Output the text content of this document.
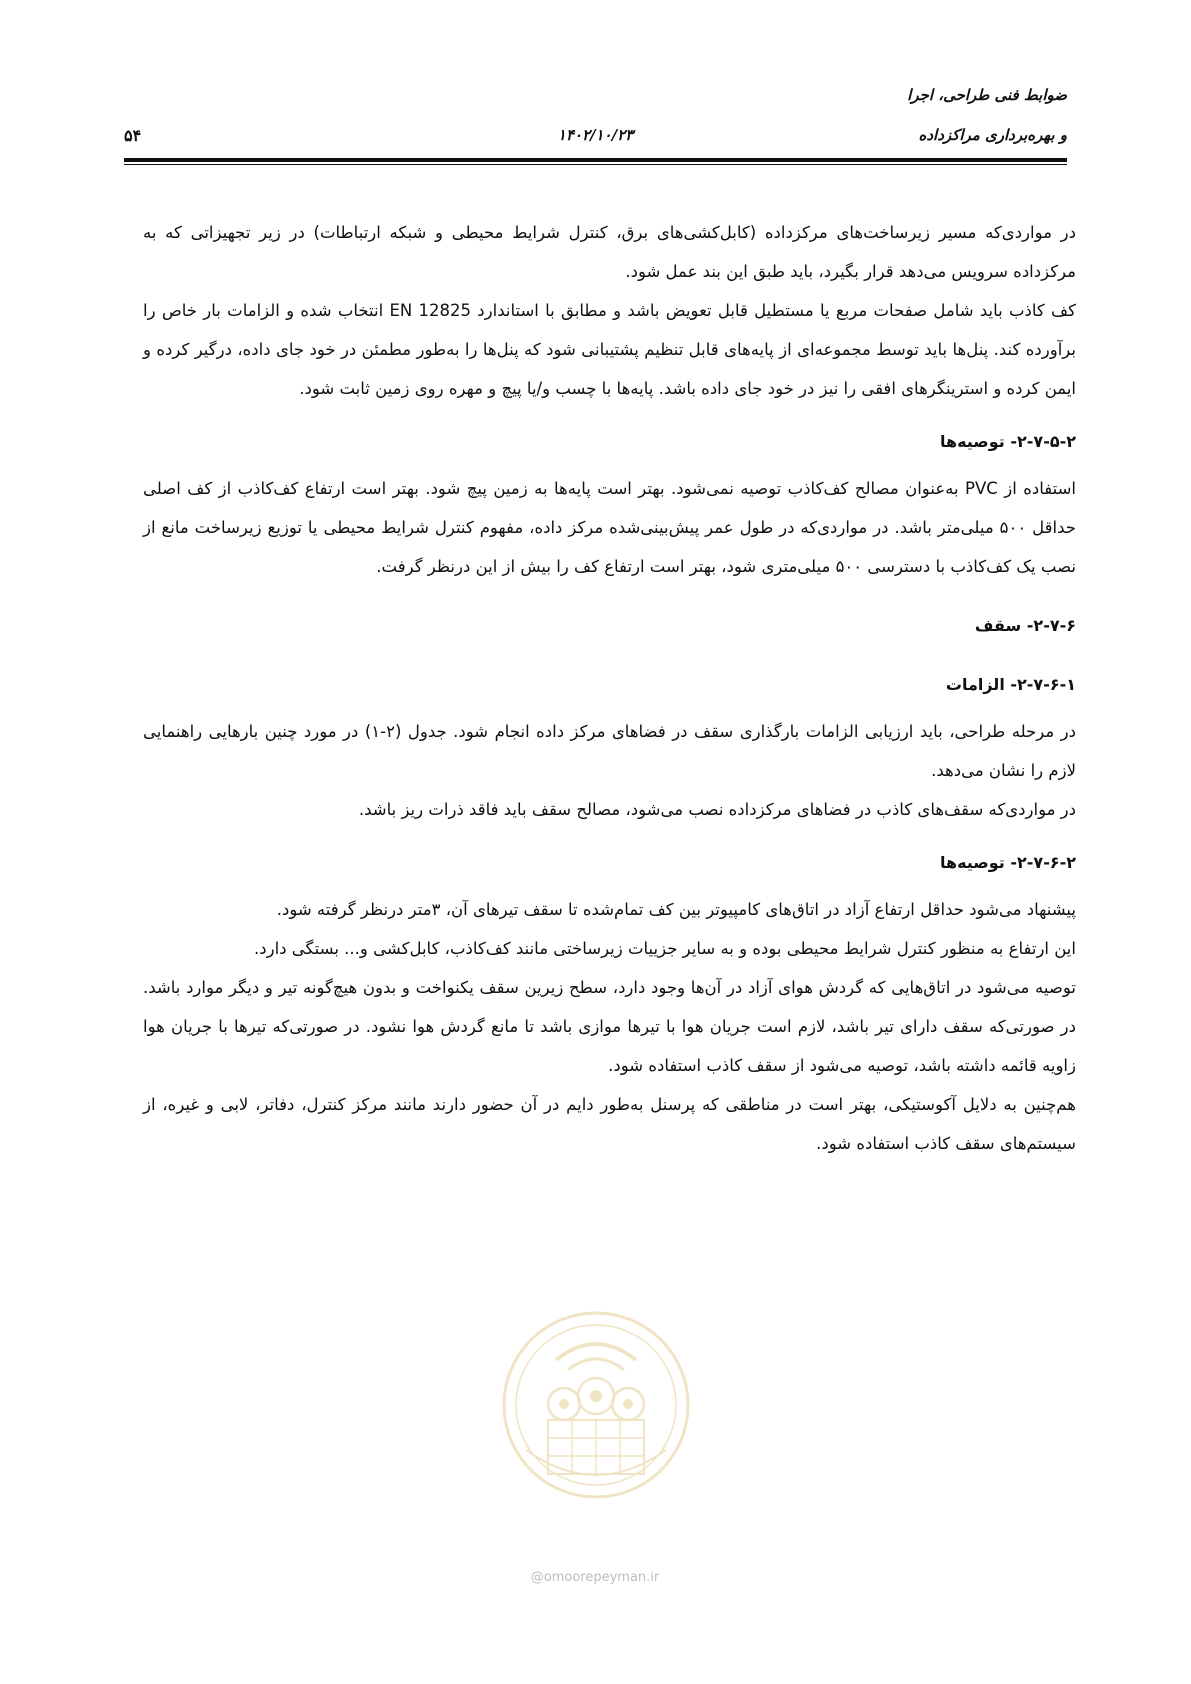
ضوابط فنی طراحی، اجرا
و بهره‌برداری مراکزداده
۱۴۰۲/۱۰/۲۳
۵۴

در مواردی‌که مسیر زیرساخت‌های مرکزداده (کابل‌کشی‌های برق، کنترل شرایط محیطی و شبکه ارتباطات) در زیر تجهیزاتی که به مرکزداده سرویس می‌دهد قرار بگیرد، باید طبق این بند عمل شود.

کف کاذب باید شامل صفحات مربع یا مستطیل قابل تعویض باشد و مطابق با استاندارد EN 12825 انتخاب شده و الزامات بار خاص را برآورده کند. پنل‌ها باید توسط مجموعه‌ای از پایه‌های قابل تنظیم پشتیبانی شود که پنل‌ها را به‌طور مطمئن در خود جای داده، درگیر کرده و ایمن کرده و استرینگرهای افقی را نیز در خود جای داده باشد. پایه‌ها با چسب و/یا پیچ و مهره روی زمین ثابت شود.

۲-۷-۵-۲- توصیه‌ها

استفاده از PVC به‌عنوان مصالح کف‌کاذب توصیه نمی‌شود. بهتر است پایه‌ها به زمین پیچ شود. بهتر است ارتفاع کف‌کاذب از کف اصلی حداقل ۵۰۰ میلی‌متر باشد. در مواردی‌که در طول عمر پیش‌بینی‌شده مرکز داده، مفهوم کنترل شرایط محیطی یا توزیع زیرساخت مانع از نصب یک کف‌کاذب با دسترسی ۵۰۰ میلی‌متری شود، بهتر است ارتفاع کف را بیش از این درنظر گرفت.

۲-۷-۶- سقف

۲-۷-۶-۱- الزامات

در مرحله طراحی، باید ارزیابی الزامات بارگذاری سقف در فضاهای مرکز داده انجام شود. جدول (۲-۱) در مورد چنین بارهایی راهنمایی لازم را نشان می‌دهد.

در مواردی‌که سقف‌های کاذب در فضاهای مرکزداده نصب می‌شود، مصالح سقف باید فاقد ذرات ریز باشد.

۲-۷-۶-۲- توصیه‌ها

پیشنهاد می‌شود حداقل ارتفاع آزاد در اتاق‌های کامپیوتر بین کف تمام‌شده تا سقف تیرهای آن، ۳متر درنظر گرفته شود.

این ارتفاع به منظور کنترل شرایط محیطی بوده و به سایر جزییات زیرساختی مانند کف‌کاذب، کابل‌کشی و... بستگی دارد.

توصیه می‌شود در اتاق‌هایی که گردش هوای آزاد در آن‌ها وجود دارد، سطح زیرین سقف یکنواخت و بدون هیچ‌گونه تیر و دیگر موارد باشد. در صورتی‌که سقف دارای تیر باشد، لازم است جریان هوا با تیرها موازی باشد تا مانع گردش هوا نشود. در صورتی‌که تیرها با جریان هوا زاویه قائمه داشته باشد، توصیه می‌شود از سقف کاذب استفاده شود.

هم‌چنین به دلایل آکوستیکی، بهتر است در مناطقی که پرسنل به‌طور دایم در آن حضور دارند مانند مرکز کنترل، دفاتر، لابی و غیره، از سیستم‌های سقف کاذب استفاده شود.

@omoorepeyman.ir
